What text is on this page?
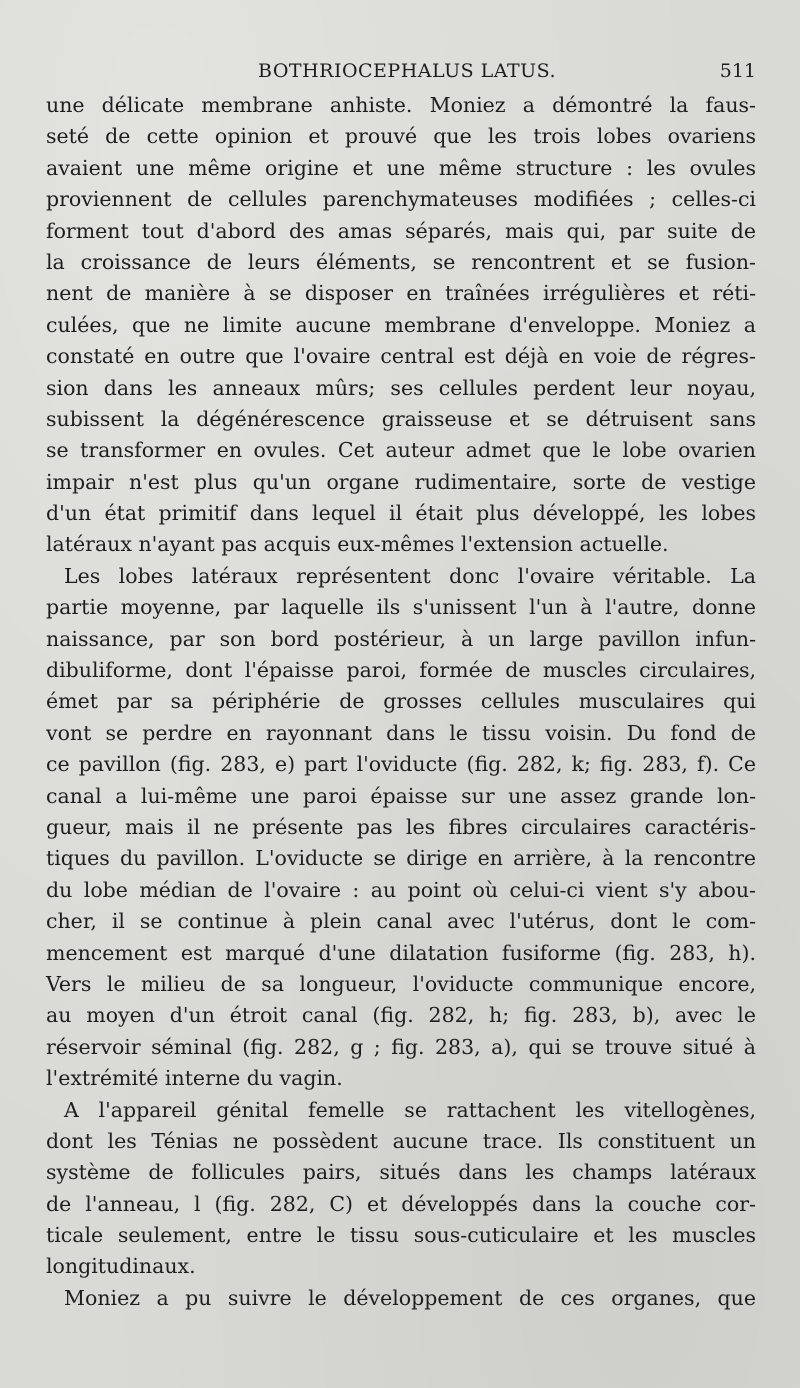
BOTHRIOCEPHALUS LATUS.	511
une délicate membrane anhiste. Moniez a démontré la faus-
seté de cette opinion et prouvé que les trois lobes ovariens
avaient une même origine et une même structure : les ovules
proviennent de cellules parenchymateuses modifiées ; celles-ci
forment tout d'abord des amas séparés, mais qui, par suite de
la croissance de leurs éléments, se rencontrent et se fusion-
nent de manière à se disposer en traînées irrégulières et réti-
culées, que ne limite aucune membrane d'enveloppe. Moniez a
constaté en outre que l'ovaire central est déjà en voie de régres-
sion dans les anneaux mûrs; ses cellules perdent leur noyau,
subissent la dégénérescence graisseuse et se détruisent sans
se transformer en ovules. Cet auteur admet que le lobe ovarien
impair n'est plus qu'un organe rudimentaire, sorte de vestige
d'un état primitif dans lequel il était plus développé, les lobes
latéraux n'ayant pas acquis eux-mêmes l'extension actuelle.
Les lobes latéraux représentent donc l'ovaire véritable. La
partie moyenne, par laquelle ils s'unissent l'un à l'autre, donne
naissance, par son bord postérieur, à un large pavillon infun-
dibuliforme, dont l'épaisse paroi, formée de muscles circulaires,
émet par sa périphérie de grosses cellules musculaires qui
vont se perdre en rayonnant dans le tissu voisin. Du fond de
ce pavillon (fig. 283, e) part l'oviducte (fig. 282, k; fig. 283, f). Ce
canal a lui-même une paroi épaisse sur une assez grande lon-
gueur, mais il ne présente pas les fibres circulaires caractéris-
tiques du pavillon. L'oviducte se dirige en arrière, à la rencontre
du lobe médian de l'ovaire : au point où celui-ci vient s'y abou-
cher, il se continue à plein canal avec l'utérus, dont le com-
mencement est marqué d'une dilatation fusiforme (fig. 283, h).
Vers le milieu de sa longueur, l'oviducte communique encore,
au moyen d'un étroit canal (fig. 282, h; fig. 283, b), avec le
réservoir séminal (fig. 282, g ; fig. 283, a), qui se trouve situé à
l'extrémité interne du vagin.
A l'appareil génital femelle se rattachent les vitellogènes,
dont les Ténias ne possèdent aucune trace. Ils constituent un
système de follicules pairs, situés dans les champs latéraux
de l'anneau, l (fig. 282, C) et développés dans la couche cor-
ticale seulement, entre le tissu sous-cuticulaire et les muscles
longitudinaux.
Moniez a pu suivre le développement de ces organes, que
